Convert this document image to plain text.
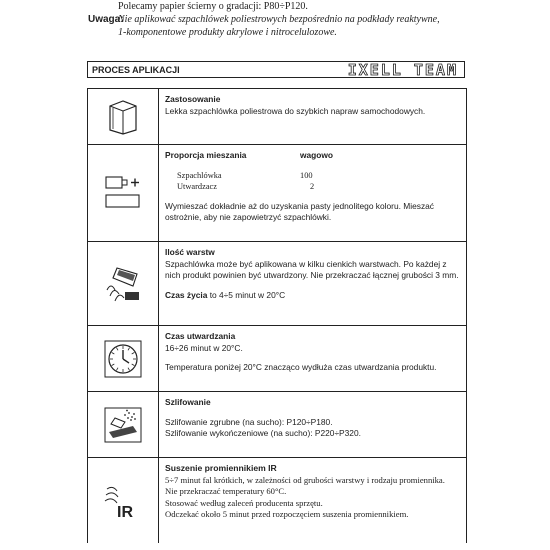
Polecamy papier ścierny o gradacji: P80÷P120.
Uwaga:
Nie aplikować szpachlówek poliestrowych bezpośrednio na podkłady reaktywne,
1-komponentowe produkty akrylowe i nitrocelulozowe.
PROCES APLIKACJI	IXELL TEAM
Zastosowanie
Lekka szpachlówka poliestrowa do szybkich napraw samochodowych.
Proporcja mieszania	wagowo
Szpachlówka	100
Utwardzacz	2
Wymieszać dokładnie aż do uzyskania pasty jednolitego koloru. Mieszać ostrożnie, aby nie zapowietrzyć szpachlówki.
Ilość warstw
Szpachlówka może być aplikowana w kilku cienkich warstwach. Po każdej z nich produkt powinien być utwardzony. Nie przekraczać łącznej grubości 3 mm.
Czas życia to 4÷5 minut w 20°C
Czas utwardzania
16÷26 minut w 20°C.
Temperatura poniżej 20°C znacząco wydłuża czas utwardzania produktu.
Szlifowanie
Szlifowanie zgrubne (na sucho): P120÷P180.
Szlifowanie wykończeniowe (na sucho): P220÷P320.
IR
Suszenie promiennikiem IR
5÷7 minut fal krótkich, w zależności od grubości warstwy i rodzaju promiennika.
Nie przekraczać temperatury 60°C.
Stosować według zaleceń producenta sprzętu.
Odczekać około 5 minut przed rozpoczęciem suszenia promiennikiem.
